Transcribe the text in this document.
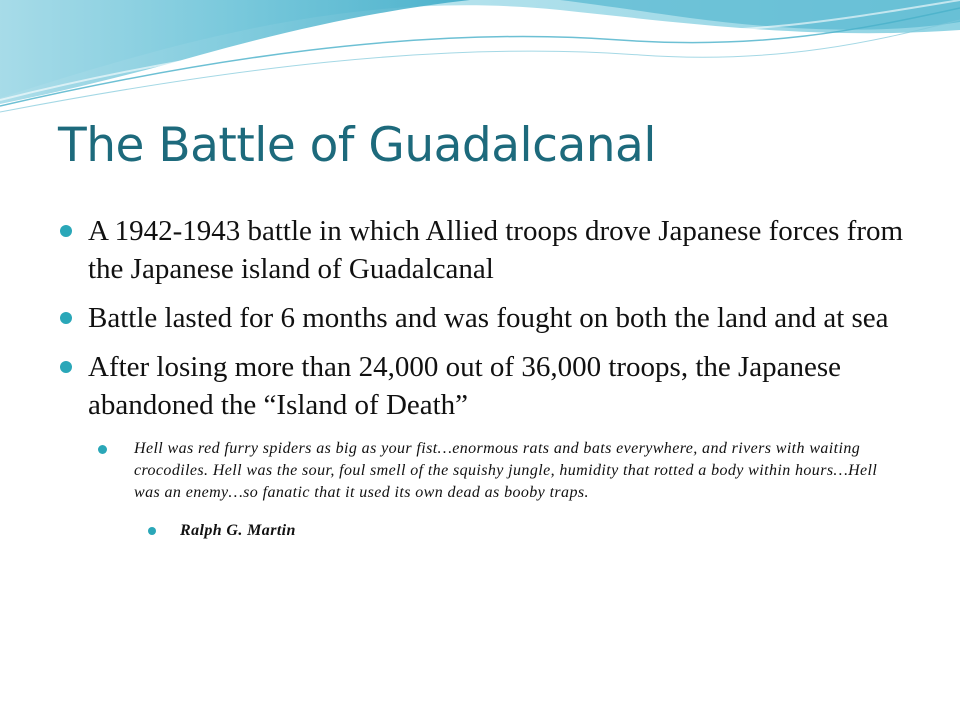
The Battle of Guadalcanal
A 1942-1943 battle in which Allied troops drove Japanese forces from the Japanese island of Guadalcanal
Battle lasted for 6 months and was fought on both the land and at sea
After losing more than 24,000 out of 36,000 troops, the Japanese abandoned the “Island of Death”
Hell was red furry spiders as big as your fist…enormous rats and bats everywhere, and rivers with waiting crocodiles. Hell was the sour, foul smell of the squishy jungle, humidity that rotted a body within hours…Hell was an enemy…so fanatic that it used its own dead as booby traps.
Ralph G. Martin
